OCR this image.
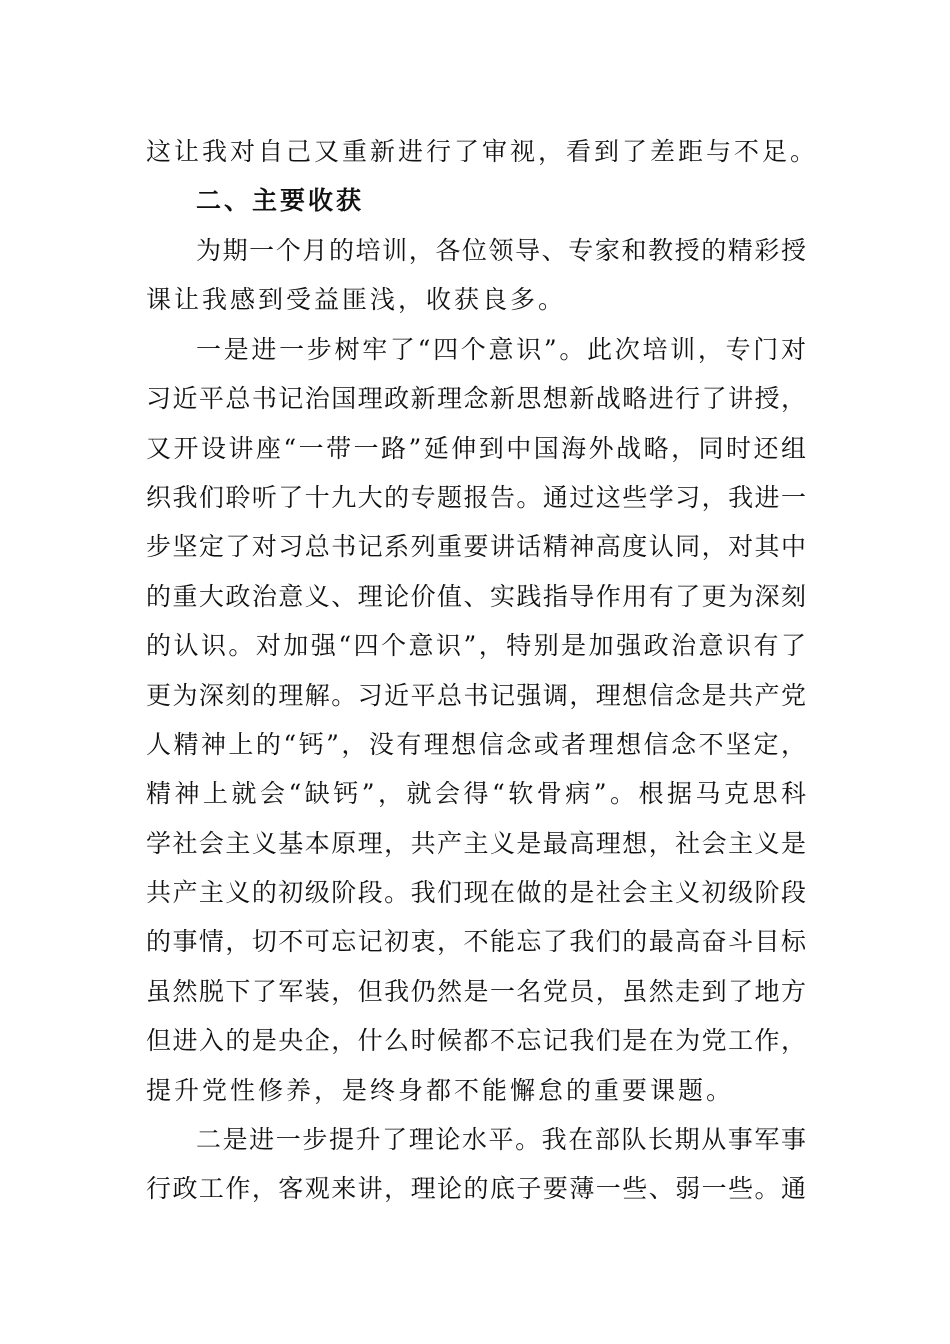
这让我对自己又重新进行了审视，看到了差距与不足。
二、主要收获
为期一个月的培训，各位领导、专家和教授的精彩授
课让我感到受益匪浅，收获良多。
一是进一步树牢了“四个意识”。此次培训，专门对
习近平总书记治国理政新理念新思想新战略进行了讲授，
又开设讲座“一带一路”延伸到中国海外战略，同时还组
织我们聆听了十九大的专题报告。通过这些学习，我进一
步坚定了对习总书记系列重要讲话精神高度认同，对其中
的重大政治意义、理论价值、实践指导作用有了更为深刻
的认识。对加强“四个意识”，特别是加强政治意识有了
更为深刻的理解。习近平总书记强调，理想信念是共产党
人精神上的“钙”，没有理想信念或者理想信念不坚定，
精神上就会“缺钙”，就会得“软骨病”。根据马克思科
学社会主义基本原理，共产主义是最高理想，社会主义是
共产主义的初级阶段。我们现在做的是社会主义初级阶段
的事情，切不可忘记初衷，不能忘了我们的最高奋斗目标
虽然脱下了军装，但我仍然是一名党员，虽然走到了地方
但进入的是央企，什么时候都不忘记我们是在为党工作，
提升党性修养，是终身都不能懈怠的重要课题。
二是进一步提升了理论水平。我在部队长期从事军事
行政工作，客观来讲，理论的底子要薄一些、弱一些。通
